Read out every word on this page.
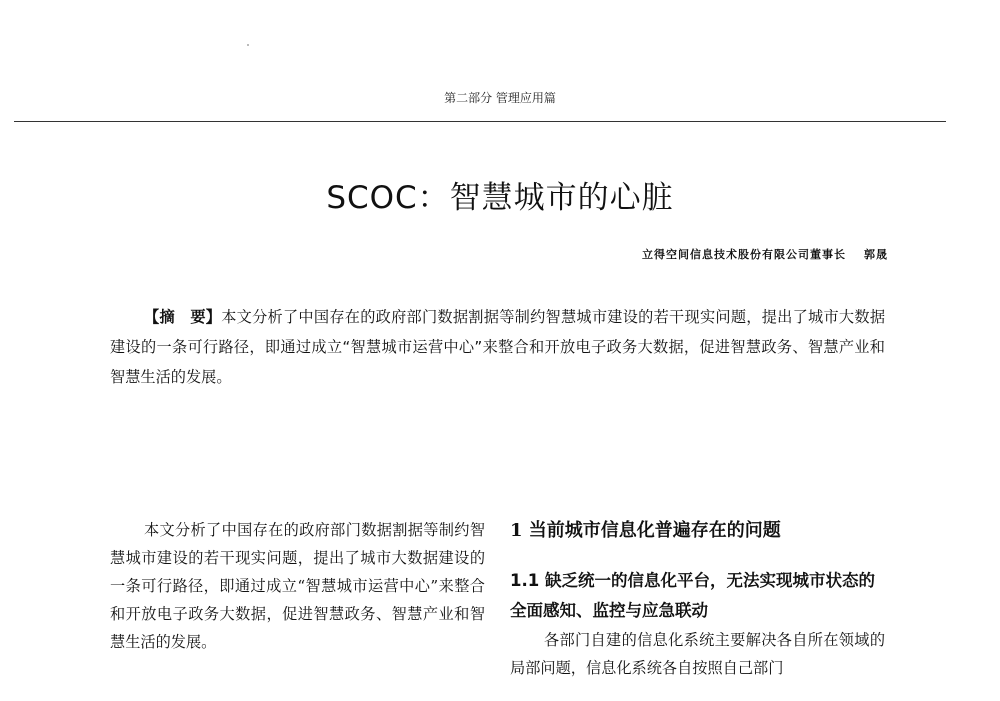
第二部分 管理应用篇
SCOC：智慧城市的心脏
立得空间信息技术股份有限公司董事长 郭晟
【摘　要】本文分析了中国存在的政府部门数据割据等制约智慧城市建设的若干现实问题，提出了城市大数据建设的一条可行路径，即通过成立“智慧城市运营中心”来整合和开放电子政务大数据，促进智慧政务、智慧产业和智慧生活的发展。
本文分析了中国存在的政府部门数据割据等制约智慧城市建设的若干现实问题，提出了城市大数据建设的一条可行路径，即通过成立“智慧城市运营中心”来整合和开放电子政务大数据，促进智慧政务、智慧产业和智慧生活的发展。
1 当前城市信息化普遍存在的问题
1.1 缺乏统一的信息化平台，无法实现城市状态的全面感知、监控与应急联动

各部门自建的信息化系统主要解决各自所在领域的局部问题，信息化系统各自按照自己部门
